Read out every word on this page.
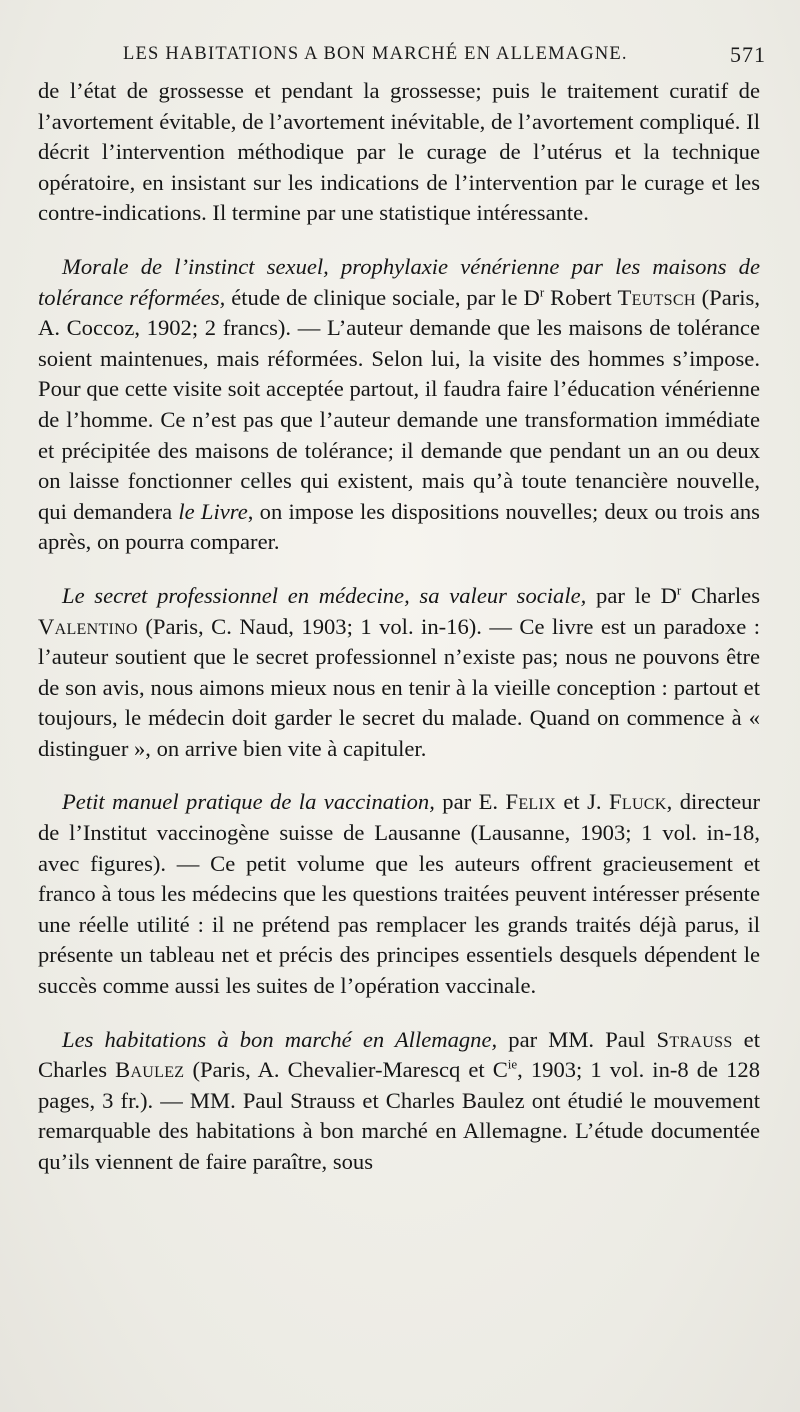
LES HABITATIONS A BON MARCHÉ EN ALLEMAGNE.	571

de l’état de grossesse et pendant la grossesse; puis le traitement curatif de l’avortement évitable, de l’avortement inévitable, de l’avortement compliqué. Il décrit l’intervention méthodique par le curage de l’utérus et la technique opératoire, en insistant sur les indications de l’intervention par le curage et les contre-indications. Il termine par une statistique intéressante.

Morale de l’instinct sexuel, prophylaxie vénérienne par les maisons de tolérance réformées, étude de clinique sociale, par le $D^r$ Robert Teutsch (Paris, A. Coccoz, 1902; 2 francs). — L’auteur demande que les maisons de tolérance soient maintenues, mais réformées. Selon lui, la visite des hommes s’impose. Pour que cette visite soit acceptée partout, il faudra faire l’éducation vénérienne de l’homme. Ce n’est pas que l’auteur demande une transformation immédiate et précipitée des maisons de tolérance; il demande que pendant un an ou deux on laisse fonctionner celles qui existent, mais qu’à toute tenancière nouvelle, qui demandera le Livre, on impose les dispositions nouvelles; deux ou trois ans après, on pourra comparer.

Le secret professionnel en médecine, sa valeur sociale, par le $D^r$ Charles Valentino (Paris, C. Naud, 1903; 1 vol. in-16). — Ce livre est un paradoxe : l’auteur soutient que le secret professionnel n’existe pas; nous ne pouvons être de son avis, nous aimons mieux nous en tenir à la vieille conception : partout et toujours, le médecin doit garder le secret du malade. Quand on commence à « distinguer », on arrive bien vite à capituler.

Petit manuel pratique de la vaccination, par E. Felix et J. Fluck, directeur de l’Institut vaccinogène suisse de Lausanne (Lausanne, 1903; 1 vol. in-18, avec figures). — Ce petit volume que les auteurs offrent gracieusement et franco à tous les médecins que les questions traitées peuvent intéresser présente une réelle utilité : il ne prétend pas remplacer les grands traités déjà parus, il présente un tableau net et précis des principes essentiels desquels dépendent le succès comme aussi les suites de l’opération vaccinale.

Les habitations à bon marché en Allemagne, par MM. Paul Strauss et Charles Baulez (Paris, A. Chevalier-Marescq et $C^{ie}$, 1903; 1 vol. in-8 de 128 pages, 3 fr.). — MM. Paul Strauss et Charles Baulez ont étudié le mouvement remarquable des habitations à bon marché en Allemagne. L’étude documentée qu’ils viennent de faire paraître, sous
